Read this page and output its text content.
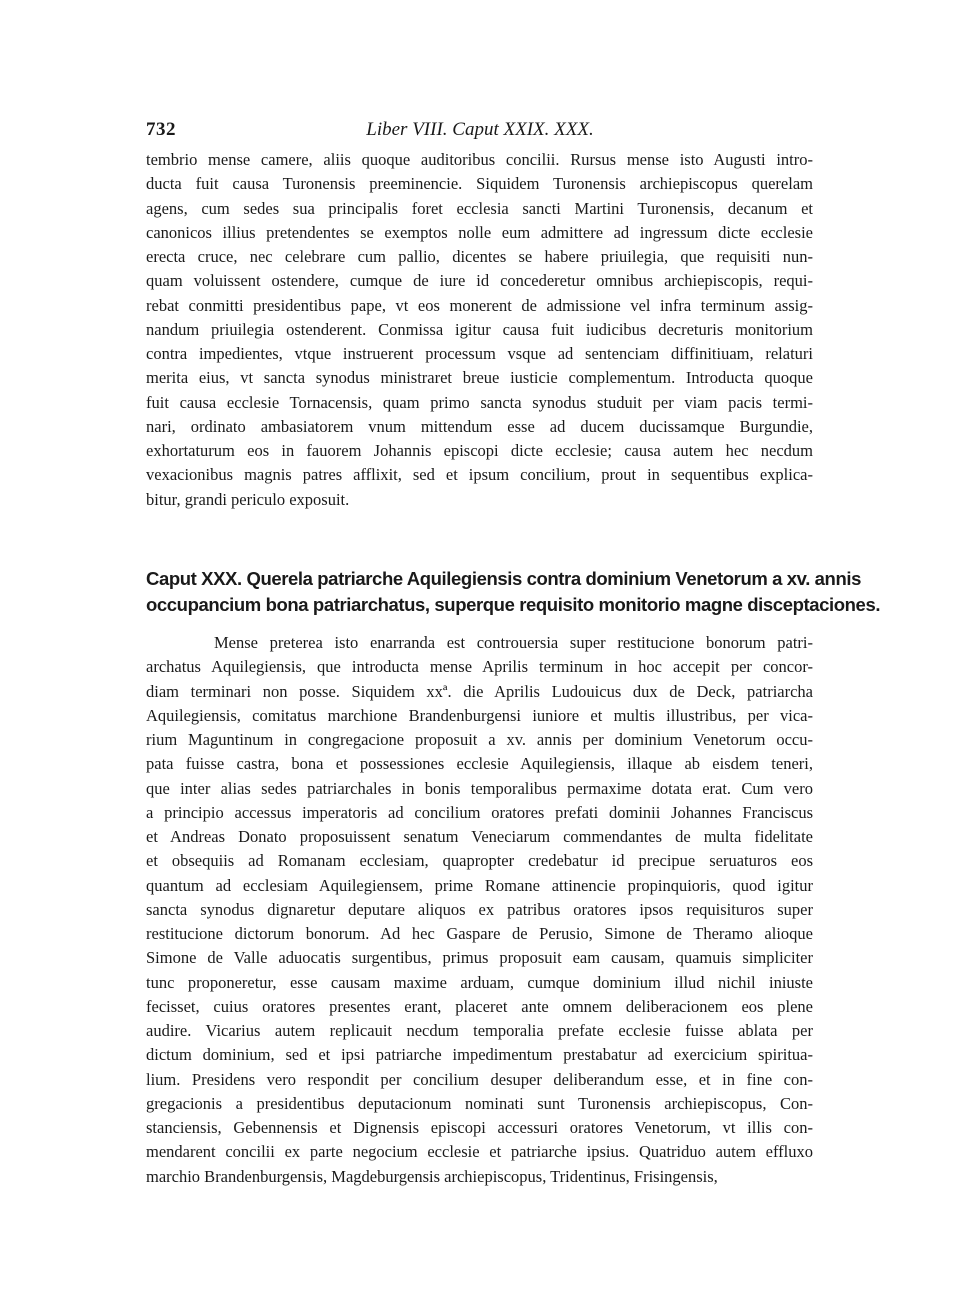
732	Liber VIII. Caput XXIX. XXX.
tembrio mense camere, aliis quoque auditoribus concilii. Rursus mense isto Augusti intro-
ducta fuit causa Turonensis preeminencie. Siquidem Turonensis archiepiscopus querelam
agens, cum sedes sua principalis foret ecclesia sancti Martini Turonensis, decanum et
canonicos illius pretendentes se exemptos nolle eum admittere ad ingressum dicte ecclesie
erecta cruce, nec celebrare cum pallio, dicentes se habere priuilegia, que requisiti nun-
quam voluissent ostendere, cumque de iure id concederetur omnibus archiepiscopis, requi-
rebat conmitti presidentibus pape, vt eos monerent de admissione vel infra terminum assig-
nandum priuilegia ostenderent. Conmissa igitur causa fuit iudicibus decreturis monitorium
contra impedientes, vtque instruerent processum vsque ad sentenciam diffinitiuam, relaturi
merita eius, vt sancta synodus ministraret breue iusticie complementum. Introducta quoque
fuit causa ecclesie Tornacensis, quam primo sancta synodus studuit per viam pacis termi-
nari, ordinato ambasiatorem vnum mittendum esse ad ducem ducissamque Burgundie,
exhortaturum eos in fauorem Johannis episcopi dicte ecclesie; causa autem hec necdum
vexacionibus magnis patres afflixit, sed et ipsum concilium, prout in sequentibus explica-
bitur, grandi periculo exposuit.
Caput XXX. Querela patriarche Aquilegiensis contra dominium Venetorum a xv. annis
occupancium bona patriarchatus, superque requisito monitorio magne disceptaciones.
Mense preterea isto enarranda est controuersia super restitucione bonorum patri-
archatus Aquilegiensis, que introducta mense Aprilis terminum in hoc accepit per concor-
diam terminari non posse. Siquidem xxª. die Aprilis Ludouicus dux de Deck, patriarcha
Aquilegiensis, comitatus marchione Brandenburgensi iuniore et multis illustribus, per vica-
rium Maguntinum in congregacione proposuit a xv. annis per dominium Venetorum occu-
pata fuisse castra, bona et possessiones ecclesie Aquilegiensis, illaque ab eisdem teneri,
que inter alias sedes patriarchales in bonis temporalibus permaxime dotata erat. Cum vero
a principio accessus imperatoris ad concilium oratores prefati dominii Johannes Franciscus
et Andreas Donato proposuissent senatum Veneciarum commendantes de multa fidelitate
et obsequiis ad Romanam ecclesiam, quapropter credebatur id precipue seruaturos eos
quantum ad ecclesiam Aquilegiensem, prime Romane attinencie propinquioris, quod igitur
sancta synodus dignaretur deputare aliquos ex patribus oratores ipsos requisituros super
restitucione dictorum bonorum. Ad hec Gaspare de Perusio, Simone de Theramo alioque
Simone de Valle aduocatis surgentibus, primus proposuit eam causam, quamuis simpliciter
tunc proponeretur, esse causam maxime arduam, cumque dominium illud nichil iniuste
fecisset, cuius oratores presentes erant, placeret ante omnem deliberacionem eos plene
audire. Vicarius autem replicauit necdum temporalia prefate ecclesie fuisse ablata per
dictum dominium, sed et ipsi patriarche impedimentum prestabatur ad exercicium spiritua-
lium. Presidens vero respondit per concilium desuper deliberandum esse, et in fine con-
gregacionis a presidentibus deputacionum nominati sunt Turonensis archiepiscopus, Con-
stanciensis, Gebennensis et Dignensis episcopi accessuri oratores Venetorum, vt illis con-
mendarent concilii ex parte negocium ecclesie et patriarche ipsius. Quatriduo autem effluxo
marchio Brandenburgensis, Magdeburgensis archiepiscopus, Tridentinus, Frisingensis,
